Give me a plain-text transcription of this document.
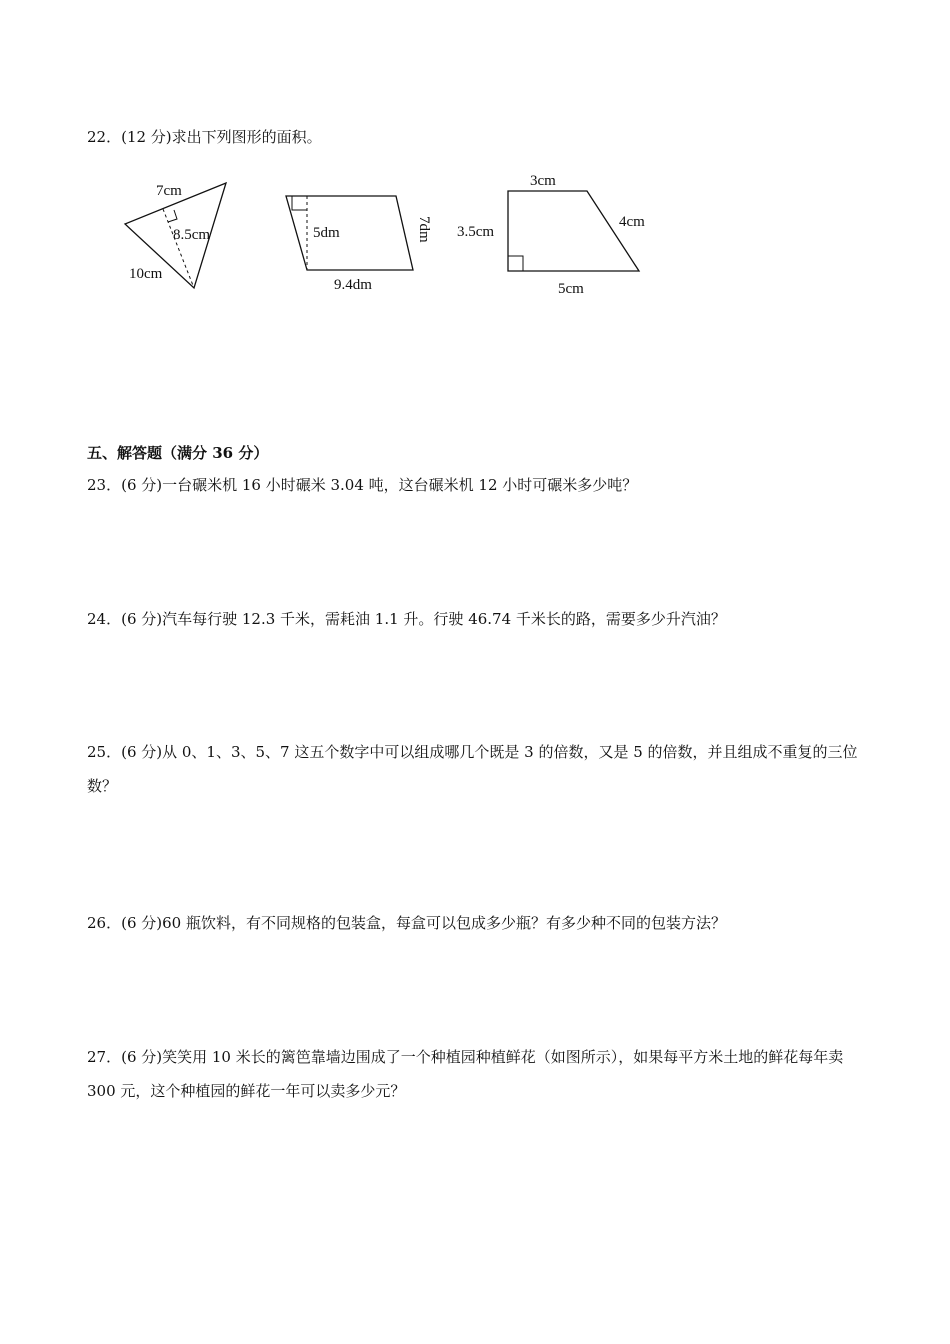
22．(12 分)求出下列图形的面积。

7cm
8.5cm
10cm
5dm	7dm
9.4dm
3cm
3.5cm
4cm
5cm

五、解答题（满分 36 分）

23．(6 分)一台碾米机 16 小时碾米 3.04 吨，这台碾米机 12 小时可碾米多少吨？

24．(6 分)汽车每行驶 12.3 千米，需耗油 1.1 升。行驶 46.74 千米长的路，需要多少升汽油？

25．(6 分)从 0、1、3、5、7 这五个数字中可以组成哪几个既是 3 的倍数，又是 5 的倍数，并且组成不重复的三位数？

26．(6 分)60 瓶饮料，有不同规格的包装盒，每盒可以包成多少瓶？有多少种不同的包装方法？

27．(6 分)笑笑用 10 米长的篱笆靠墙边围成了一个种植园种植鲜花（如图所示），如果每平方米土地的鲜花每年卖 300 元，这个种植园的鲜花一年可以卖多少元？
